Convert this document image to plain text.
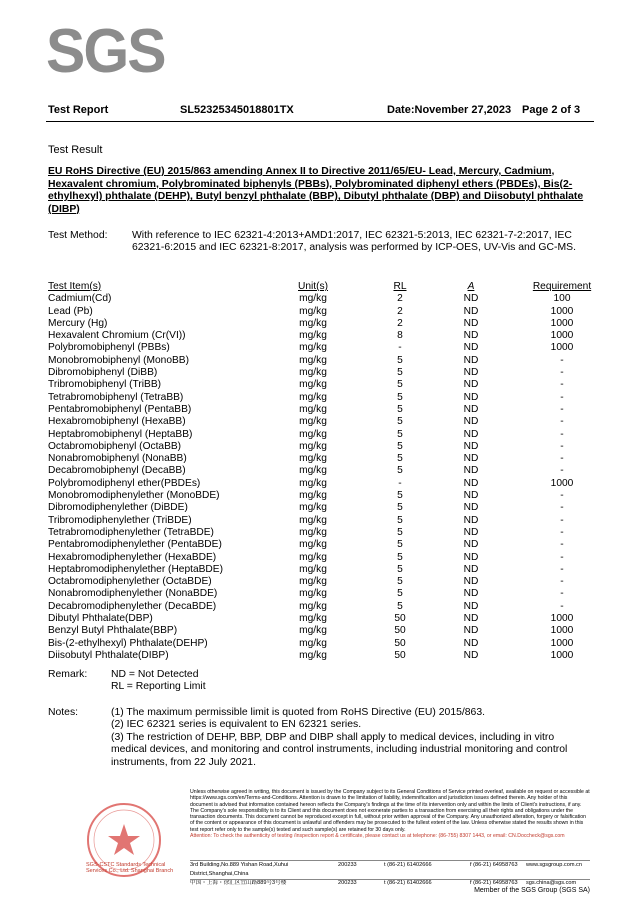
SGS
Test Report	SL52325345018801TX	Date:November 27,2023 Page 2 of 3
Test Result
EU RoHS Directive (EU) 2015/863 amending Annex II to Directive 2011/65/EU- Lead, Mercury, Cadmium, Hexavalent chromium, Polybrominated biphenyls (PBBs), Polybrominated diphenyl ethers (PBDEs), Bis(2-ethylhexyl) phthalate (DEHP), Butyl benzyl phthalate (BBP), Dibutyl phthalate (DBP) and Diisobutyl phthalate (DIBP)
Test Method: With reference to IEC 62321-4:2013+AMD1:2017, IEC 62321-5:2013, IEC 62321-7-2:2017, IEC 62321-6:2015 and IEC 62321-8:2017, analysis was performed by ICP-OES, UV-Vis and GC-MS.
Test Item(s)	Unit(s)	RL	A	Requirement
Cadmium(Cd)	mg/kg	2	ND	100
Lead (Pb)	mg/kg	2	ND	1000
Mercury (Hg)	mg/kg	2	ND	1000
Hexavalent Chromium (Cr(VI))	mg/kg	8	ND	1000
Polybromobiphenyl (PBBs)	mg/kg	-	ND	1000
Monobromobiphenyl (MonoBB)	mg/kg	5	ND	-
Dibromobiphenyl (DiBB)	mg/kg	5	ND	-
Tribromobiphenyl (TriBB)	mg/kg	5	ND	-
Tetrabromobiphenyl (TetraBB)	mg/kg	5	ND	-
Pentabromobiphenyl (PentaBB)	mg/kg	5	ND	-
Hexabromobiphenyl (HexaBB)	mg/kg	5	ND	-
Heptabromobiphenyl (HeptaBB)	mg/kg	5	ND	-
Octabromobiphenyl (OctaBB)	mg/kg	5	ND	-
Nonabromobiphenyl (NonaBB)	mg/kg	5	ND	-
Decabromobiphenyl (DecaBB)	mg/kg	5	ND	-
Polybromodiphenyl ether(PBDEs)	mg/kg	-	ND	1000
Monobromodiphenylether (MonoBDE)	mg/kg	5	ND	-
Dibromodiphenylether (DiBDE)	mg/kg	5	ND	-
Tribromodiphenylether (TriBDE)	mg/kg	5	ND	-
Tetrabromodiphenylether (TetraBDE)	mg/kg	5	ND	-
Pentabromodiphenylether (PentaBDE)	mg/kg	5	ND	-
Hexabromodiphenylether (HexaBDE)	mg/kg	5	ND	-
Heptabromodiphenylether (HeptaBDE)	mg/kg	5	ND	-
Octabromodiphenylether (OctaBDE)	mg/kg	5	ND	-
Nonabromodiphenylether (NonaBDE)	mg/kg	5	ND	-
Decabromodiphenylether (DecaBDE)	mg/kg	5	ND	-
Dibutyl Phthalate(DBP)	mg/kg	50	ND	1000
Benzyl Butyl Phthalate(BBP)	mg/kg	50	ND	1000
Bis-(2-ethylhexyl) Phthalate(DEHP)	mg/kg	50	ND	1000
Diisobutyl Phthalate(DIBP)	mg/kg	50	ND	1000
Remark: ND = Not Detected
RL = Reporting Limit
Notes:	(1) The maximum permissible limit is quoted from RoHS Directive (EU) 2015/863.
(2) IEC 62321 series is equivalent to EN 62321 series.
(3) The restriction of DEHP, BBP, DBP and DIBP shall apply to medical devices, including in vitro medical devices, and monitoring and control instruments, including industrial monitoring and control instruments, from 22 July 2021.
SGS-CSTC Standards Technical Services Co., Ltd. Shanghai Branch
Unless otherwise agreed in writing, this document is issued by the Company subject to its General Conditions of Service printed overleaf, available on request or accessible at https://www.sgs.com/en/Terms-and-Conditions. Attention is drawn to the limitation of liability, indemnification and jurisdiction issues defined therein. Any holder of this document is advised that information contained hereon reflects the Company's findings at the time of its intervention only and within the limits of Client's instructions, if any. The Company's sole responsibility is to its Client and this document does not exonerate parties to a transaction from exercising all their rights and obligations under the transaction documents. This document cannot be reproduced except in full, without prior written approval of the Company. Any unauthorized alteration, forgery or falsification of the content or appearance of this document is unlawful and offenders may be prosecuted to the fullest extent of the law. Unless otherwise stated the results shown in this test report refer only to the sample(s) tested and such sample(s) are retained for 30 days only.
Attention: To check the authenticity of testing /inspection report & certificate, please contact us at telephone: (86-755) 8307 1443, or email: CN.Doccheck@sgs.com
3rd Building,No.889 Yishan Road,Xuhui District,Shanghai,China
200233	t (86-21) 61402666	f (86-21) 64958763	www.sgsgroup.com.cn
中国・上海・徐汇区宜山路889号3号楼	200233	t (86-21) 61402666	f (86-21) 64958763	sgs.china@sgs.com
Member of the SGS Group (SGS SA)
